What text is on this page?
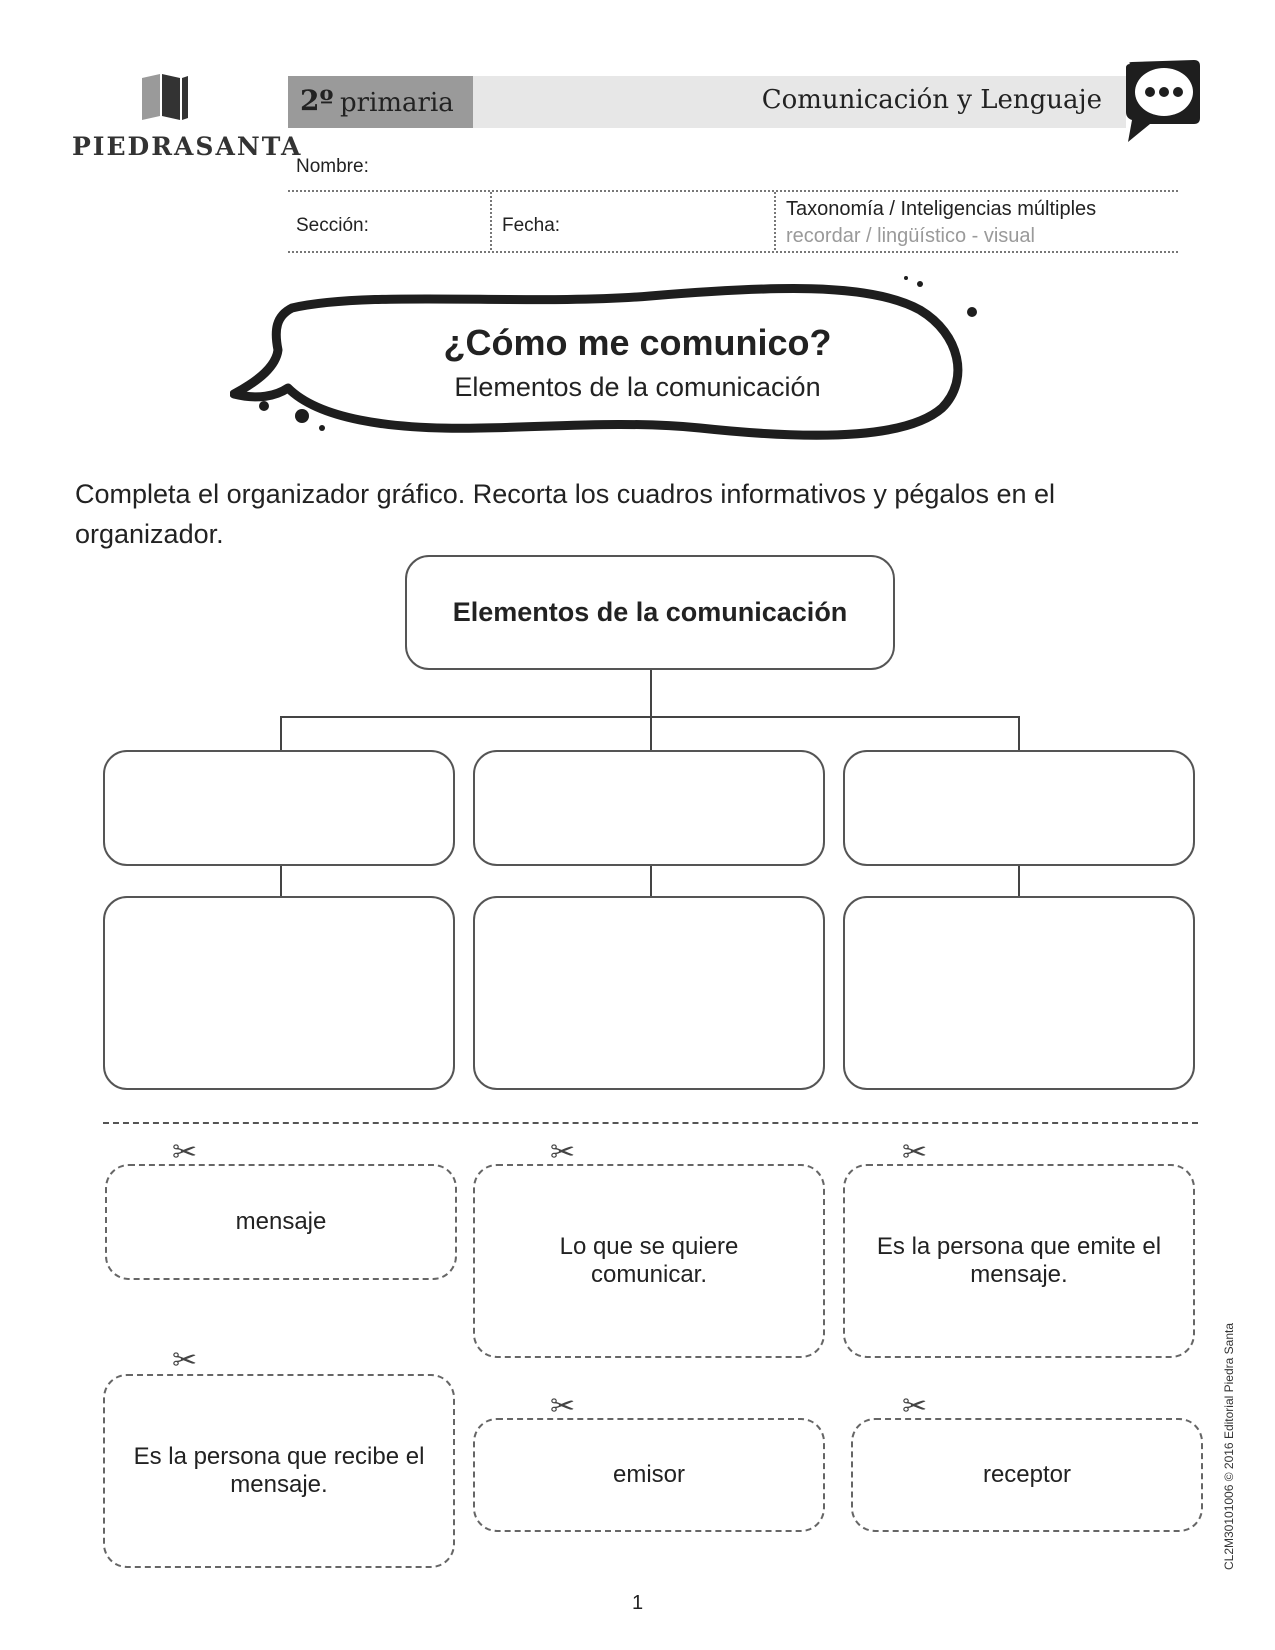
PIEDRASANTA
2º primaria	Comunicación y Lenguaje
Nombre:
Sección:	Fecha:
Taxonomía / Inteligencias múltiples
recordar / lingüístico - visual
¿Cómo me comunico?
Elementos de la comunicación
Completa el organizador gráfico. Recorta los cuadros informativos y pégalos en el organizador.
Elementos de la comunicación
✂
mensaje
✂
Lo que se quiere comunicar.
✂
Es la persona que emite el mensaje.
✂
Es la persona que recibe el mensaje.
✂
emisor
✂
receptor	CL2M30101006 © 2016 Editorial Piedra Santa
1
